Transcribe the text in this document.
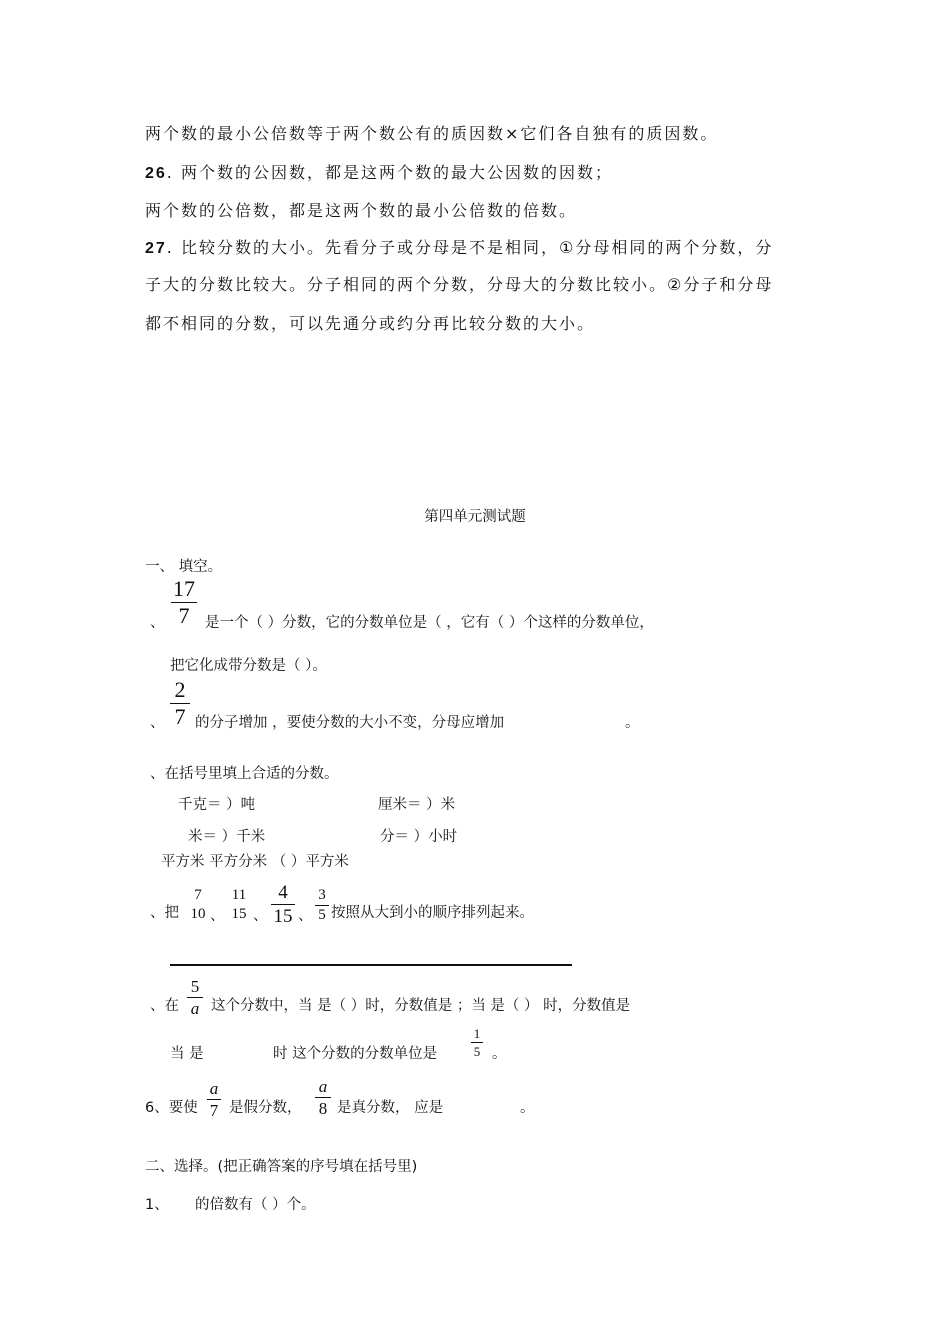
两个数的最小公倍数等于两个数公有的质因数×它们各自独有的质因数。
26. 两个数的公因数，都是这两个数的最大公因数的因数；
两个数的公倍数，都是这两个数的最小公倍数的倍数。
27. 比较分数的大小。先看分子或分母是不是相同，①分母相同的两个分数，分
子大的分数比较大。分子相同的两个分数，分母大的分数比较小。②分子和分母
都不相同的分数，可以先通分或约分再比较分数的大小。
第四单元测试题
一、 填空。
、
17
7	是一个（ ）分数，它的分数单位是（ ，它有（ ）个这样的分数单位，
把它化成带分数是（ ）。
、
2
7 的分子增加 ，要使分数的大小不变，分母应增加	。
、在括号里填上合适的分数。
千克＝ ）吨	厘米＝ ）米
米＝ ）千米	分＝ ）小时
平方米 平方分米 （ ）平方米
、把
7
10 、
11
15 、
4
15 、
3
5 按照从大到小的顺序排列起来。
、在
5
a 这个分数中，当 是（ ）时，分数值是 ；当 是（ ） 时，分数值是
当 是	时 这个分数的分数单位是
1
5 。
6、要使
a
7 是假分数，
a
8 是真分数， 应是	。
二、选择。(把正确答案的序号填在括号里)
1、 的倍数有（ ）个。
